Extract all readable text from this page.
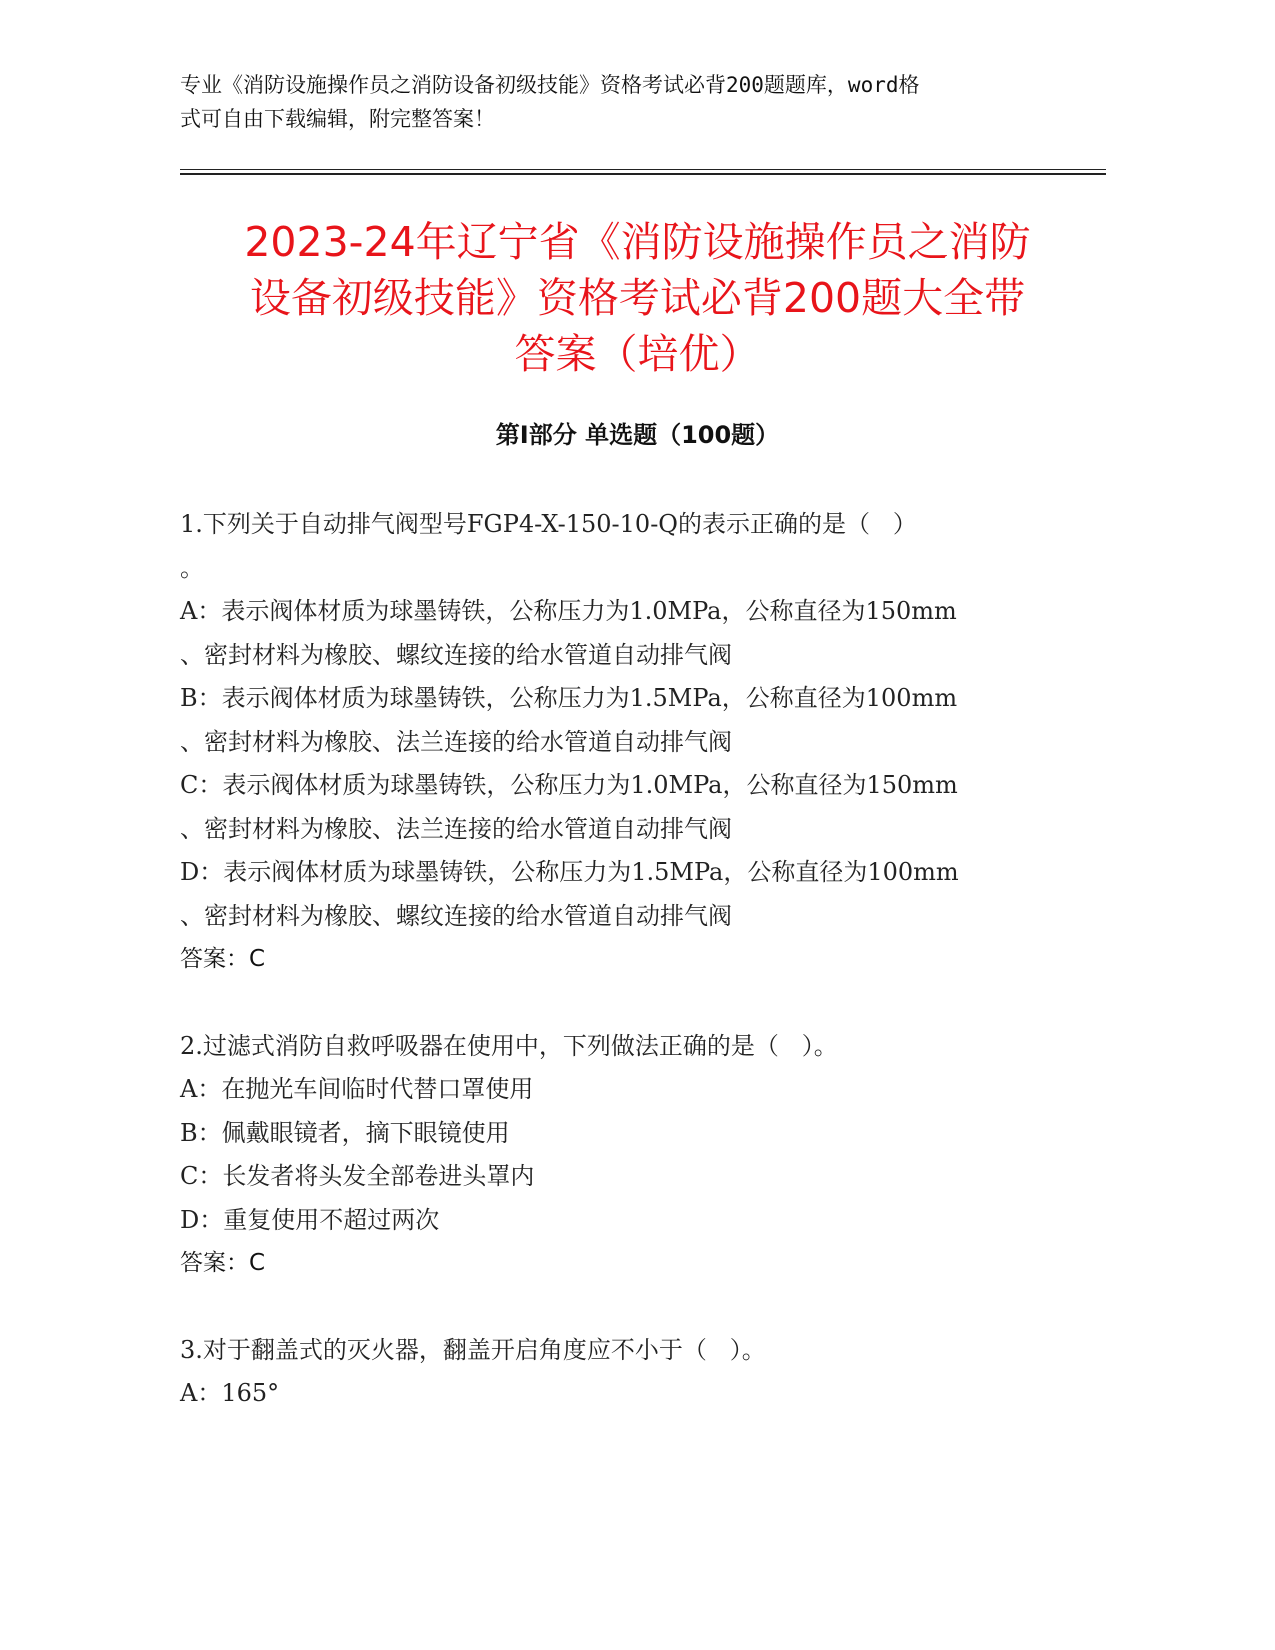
专业《消防设施操作员之消防设备初级技能》资格考试必背200题题库，word格
式可自由下载编辑，附完整答案！
2023-24年辽宁省《消防设施操作员之消防
设备初级技能》资格考试必背200题大全带
答案（培优）
第Ⅰ部分 单选题（100题）
1.下列关于自动排气阀型号FGP4-X-150-10-Q的表示正确的是（   ）
。
A：表示阀体材质为球墨铸铁，公称压力为1.0MPa，公称直径为150mm
、密封材料为橡胶、螺纹连接的给水管道自动排气阀
B：表示阀体材质为球墨铸铁，公称压力为1.5MPa，公称直径为100mm
、密封材料为橡胶、法兰连接的给水管道自动排气阀
C：表示阀体材质为球墨铸铁，公称压力为1.0MPa，公称直径为150mm
、密封材料为橡胶、法兰连接的给水管道自动排气阀
D：表示阀体材质为球墨铸铁，公称压力为1.5MPa，公称直径为100mm
、密封材料为橡胶、螺纹连接的给水管道自动排气阀
答案：C
2.过滤式消防自救呼吸器在使用中，下列做法正确的是（   ）。
A：在抛光车间临时代替口罩使用
B：佩戴眼镜者，摘下眼镜使用
C：长发者将头发全部卷进头罩内
D：重复使用不超过两次
答案：C
3.对于翻盖式的灭火器，翻盖开启角度应不小于（   ）。
A：165°
